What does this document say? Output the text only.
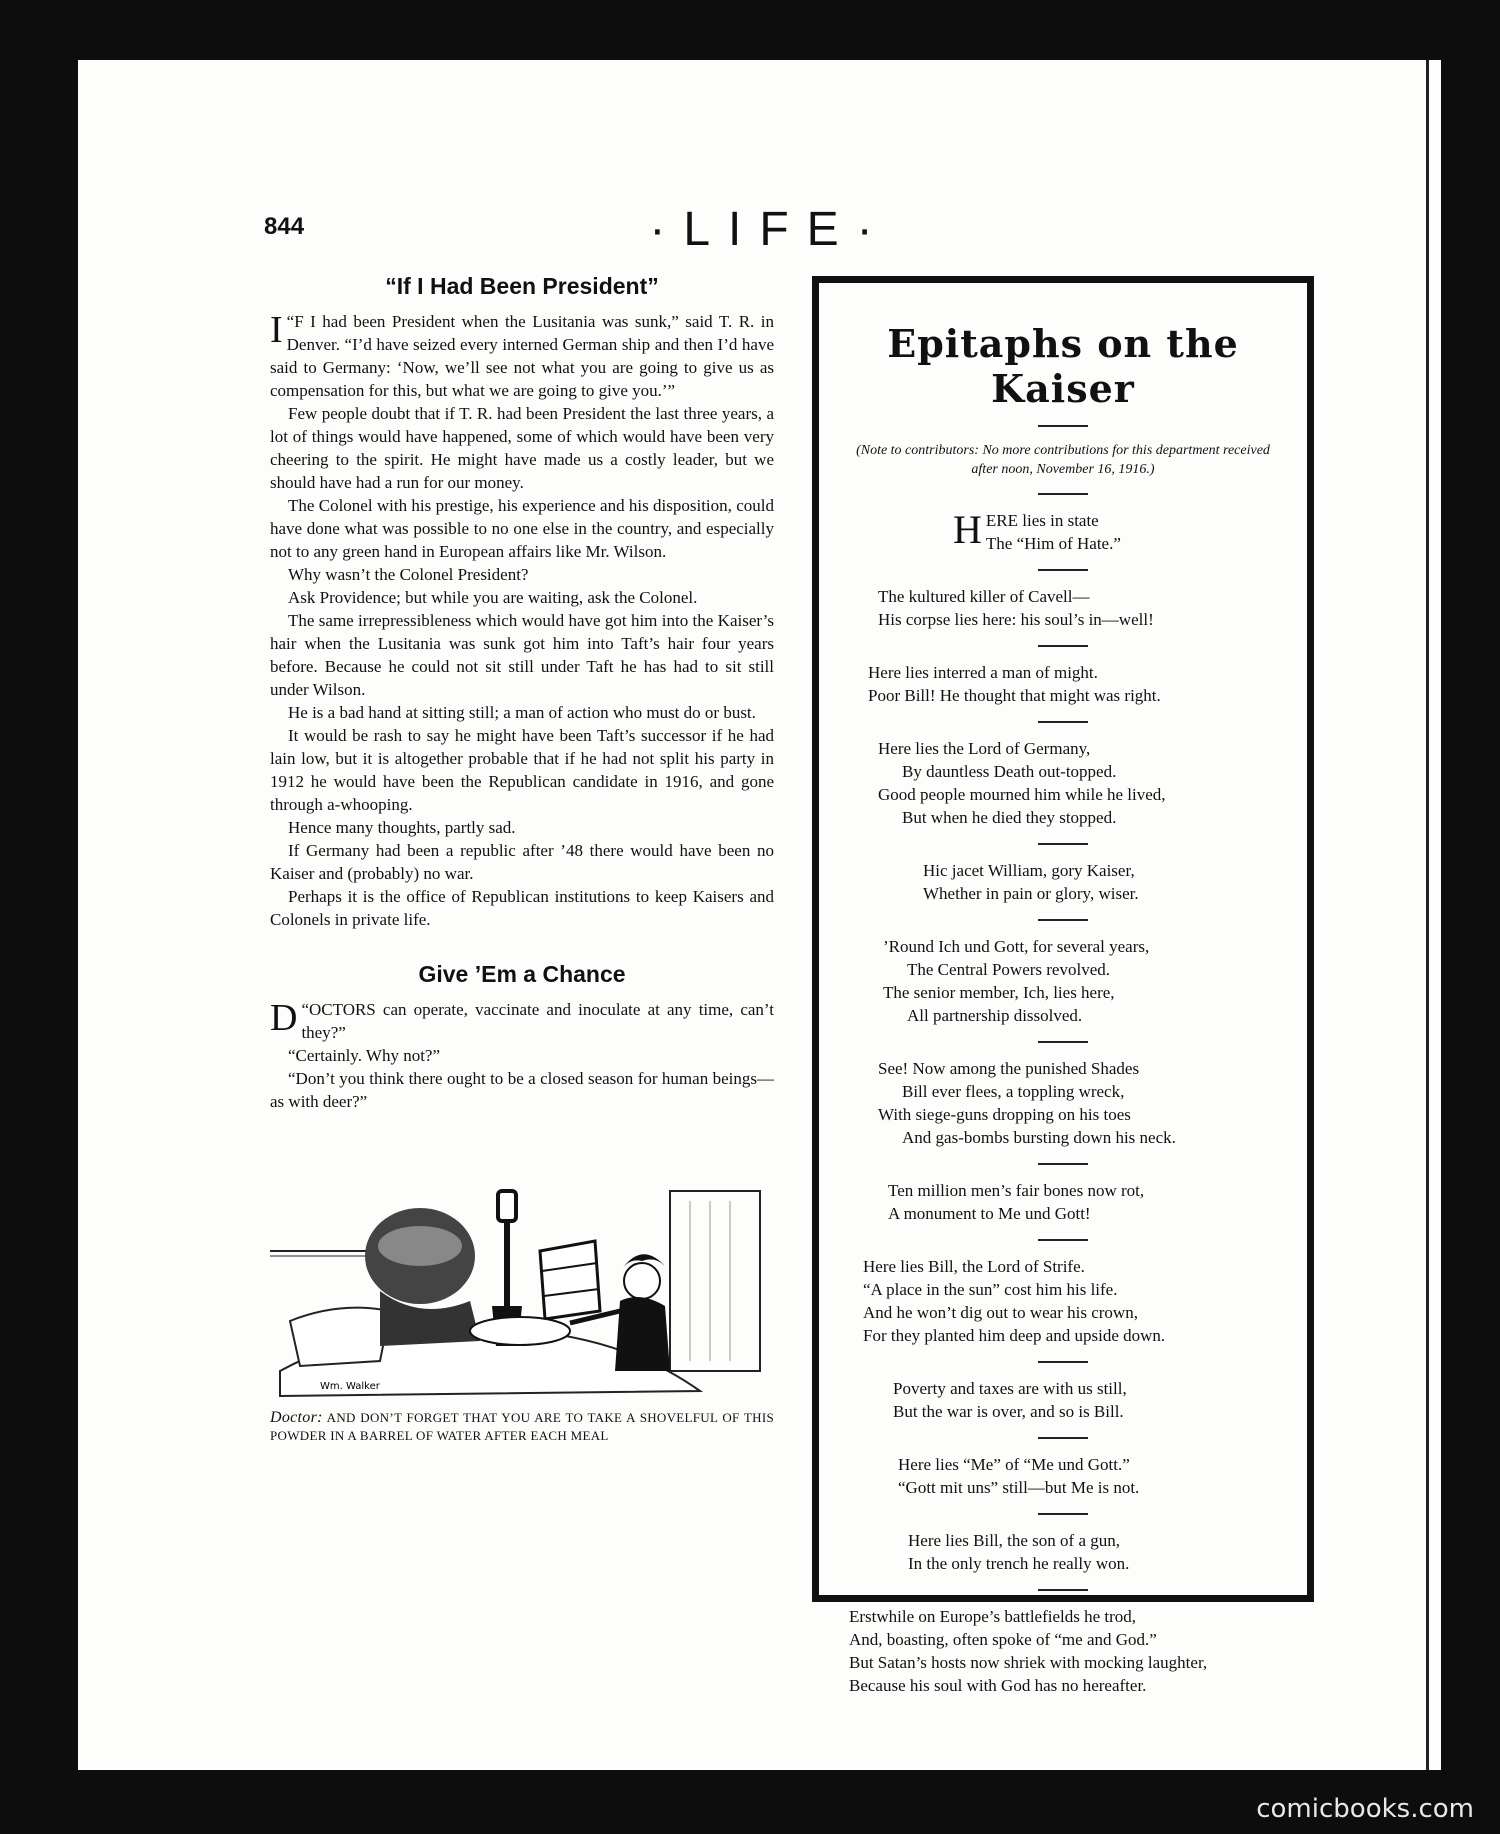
844	·LIFE·
“If I Had Been President”

I “F I had been President when the Lusitania was sunk,” said T. R. in Denver. “I’d have seized every interned German ship and then I’d have said to Germany: ‘Now, we’ll see not what you are going to give us as compensation for this, but what we are going to give you.’”

Few people doubt that if T. R. had been President the last three years, a lot of things would have happened, some of which would have been very cheering to the spirit. He might have made us a costly leader, but we should have had a run for our money.

The Colonel with his prestige, his experience and his disposition, could have done what was possible to no one else in the country, and especially not to any green hand in European affairs like Mr. Wilson.

Why wasn’t the Colonel President?

Ask Providence; but while you are waiting, ask the Colonel.

The same irrepressibleness which would have got him into the Kaiser’s hair when the Lusitania was sunk got him into Taft’s hair four years before. Because he could not sit still under Taft he has had to sit still under Wilson.

He is a bad hand at sitting still; a man of action who must do or bust.

It would be rash to say he might have been Taft’s successor if he had lain low, but it is altogether probable that if he had not split his party in 1912 he would have been the Republican candidate in 1916, and gone through a-whooping.

Hence many thoughts, partly sad.

If Germany had been a republic after ’48 there would have been no Kaiser and (probably) no war.

Perhaps it is the office of Republican institutions to keep Kaisers and Colonels in private life.

Give ’Em a Chance

D “OCTORS can operate, vaccinate and inoculate at any time, can’t they?”

“Certainly. Why not?”

“Don’t you think there ought to be a closed season for human beings—as with deer?”

Wm. Walker
Doctor: AND DON’T FORGET THAT YOU ARE TO TAKE A SHOVELFUL OF THIS POWDER IN A BARREL OF WATER AFTER EACH MEAL
Epitaphs on the Kaiser
(Note to contributors: No more contributions for this department received after noon, November 16, 1916.)
H ERE lies in state
The “Him of Hate.”
The kultured killer of Cavell—
His corpse lies here: his soul’s in—well!
Here lies interred a man of might.
Poor Bill! He thought that might was right.
Here lies the Lord of Germany,
By dauntless Death out-topped.
Good people mourned him while he lived,
But when he died they stopped.
Hic jacet William, gory Kaiser,
Whether in pain or glory, wiser.
’Round Ich und Gott, for several years,
The Central Powers revolved.
The senior member, Ich, lies here,
All partnership dissolved.
See! Now among the punished Shades
Bill ever flees, a toppling wreck,
With siege-guns dropping on his toes
And gas-bombs bursting down his neck.
Ten million men’s fair bones now rot,
A monument to Me und Gott!
Here lies Bill, the Lord of Strife.
“A place in the sun” cost him his life.
And he won’t dig out to wear his crown,
For they planted him deep and upside down.
Poverty and taxes are with us still,
But the war is over, and so is Bill.
Here lies “Me” of “Me und Gott.”
“Gott mit uns” still—but Me is not.
Here lies Bill, the son of a gun,
In the only trench he really won.
Erstwhile on Europe’s battlefields he trod,
And, boasting, often spoke of “me and God.”
But Satan’s hosts now shriek with mocking laughter,
Because his soul with God has no hereafter.
comicbooks.com
